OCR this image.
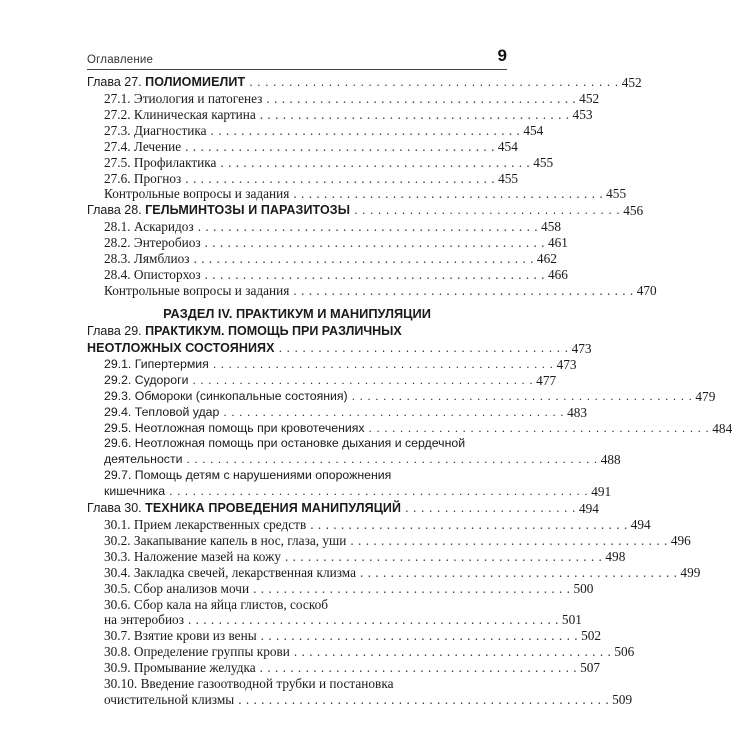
Оглавление	9
Глава 27. ПОЛИОМИЕЛИТ . . . . . . . . . . . . . . . . . . . . . . . . . . . . . . . . . . . . . . . . . . . . . . . 452
27.1. Этиология и патогенез . . . . . . . . . . . . . . . . . . . . . . . . . . . . . . . . . . . . . . . . . 452
27.2. Клиническая картина . . . . . . . . . . . . . . . . . . . . . . . . . . . . . . . . . . . . . . . . . 453
27.3. Диагностика . . . . . . . . . . . . . . . . . . . . . . . . . . . . . . . . . . . . . . . . . 454
27.4. Лечение . . . . . . . . . . . . . . . . . . . . . . . . . . . . . . . . . . . . . . . . . 454
27.5. Профилактика . . . . . . . . . . . . . . . . . . . . . . . . . . . . . . . . . . . . . . . . . 455
27.6. Прогноз . . . . . . . . . . . . . . . . . . . . . . . . . . . . . . . . . . . . . . . . . 455
Контрольные вопросы и задания . . . . . . . . . . . . . . . . . . . . . . . . . . . . . . . . . . . . . . . . . 455
Глава 28. ГЕЛЬМИНТОЗЫ И ПАРАЗИТОЗЫ . . . . . . . . . . . . . . . . . . . . . . . . . . . . . . . . . . 456
28.1. Аскаридоз . . . . . . . . . . . . . . . . . . . . . . . . . . . . . . . . . . . . . . . . . . . . . 458
28.2. Энтеробиоз . . . . . . . . . . . . . . . . . . . . . . . . . . . . . . . . . . . . . . . . . . . . . 461
28.3. Лямблиоз . . . . . . . . . . . . . . . . . . . . . . . . . . . . . . . . . . . . . . . . . . . . . 462
28.4. Описторхоз . . . . . . . . . . . . . . . . . . . . . . . . . . . . . . . . . . . . . . . . . . . . . 466
Контрольные вопросы и задания . . . . . . . . . . . . . . . . . . . . . . . . . . . . . . . . . . . . . . . . . . . . . 470
РАЗДЕЛ IV. ПРАКТИКУМ И МАНИПУЛЯЦИИ
Глава 29. ПРАКТИКУМ. ПОМОЩЬ ПРИ РАЗЛИЧНЫХ
НЕОТЛОЖНЫХ СОСТОЯНИЯХ . . . . . . . . . . . . . . . . . . . . . . . . . . . . . . . . . . . . . 473
29.1. Гипертермия . . . . . . . . . . . . . . . . . . . . . . . . . . . . . . . . . . . . . . . . . . . . 473
29.2. Судороги . . . . . . . . . . . . . . . . . . . . . . . . . . . . . . . . . . . . . . . . . . . . 477
29.3. Обмороки (синкопальные состояния) . . . . . . . . . . . . . . . . . . . . . . . . . . . . . . . . . . . . . . . . . . . . 479
29.4. Тепловой удар . . . . . . . . . . . . . . . . . . . . . . . . . . . . . . . . . . . . . . . . . . . . 483
29.5. Неотложная помощь при кровотечениях . . . . . . . . . . . . . . . . . . . . . . . . . . . . . . . . . . . . . . . . . . . . 484
29.6. Неотложная помощь при остановке дыхания и сердечной
деятельности . . . . . . . . . . . . . . . . . . . . . . . . . . . . . . . . . . . . . . . . . . . . . . . . . . . . . 488
29.7. Помощь детям с нарушениями опорожнения
кишечника . . . . . . . . . . . . . . . . . . . . . . . . . . . . . . . . . . . . . . . . . . . . . . . . . . . . . . 491
Глава 30. ТЕХНИКА ПРОВЕДЕНИЯ МАНИПУЛЯЦИЙ . . . . . . . . . . . . . . . . . . . . . . 494
30.1. Прием лекарственных средств . . . . . . . . . . . . . . . . . . . . . . . . . . . . . . . . . . . . . . . . . . 494
30.2. Закапывание капель в нос, глаза, уши . . . . . . . . . . . . . . . . . . . . . . . . . . . . . . . . . . . . . . . . . . 496
30.3. Наложение мазей на кожу . . . . . . . . . . . . . . . . . . . . . . . . . . . . . . . . . . . . . . . . . . 498
30.4. Закладка свечей, лекарственная клизма . . . . . . . . . . . . . . . . . . . . . . . . . . . . . . . . . . . . . . . . . . 499
30.5. Сбор анализов мочи . . . . . . . . . . . . . . . . . . . . . . . . . . . . . . . . . . . . . . . . . . 500
30.6. Сбор кала на яйца глистов, соскоб
на энтеробиоз . . . . . . . . . . . . . . . . . . . . . . . . . . . . . . . . . . . . . . . . . . . . . . . . . 501
30.7. Взятие крови из вены . . . . . . . . . . . . . . . . . . . . . . . . . . . . . . . . . . . . . . . . . . 502
30.8. Определение группы крови . . . . . . . . . . . . . . . . . . . . . . . . . . . . . . . . . . . . . . . . . . 506
30.9. Промывание желудка . . . . . . . . . . . . . . . . . . . . . . . . . . . . . . . . . . . . . . . . . . 507
30.10. Введение газоотводной трубки и постановка
очистительной клизмы . . . . . . . . . . . . . . . . . . . . . . . . . . . . . . . . . . . . . . . . . . . . . . . . . 509
